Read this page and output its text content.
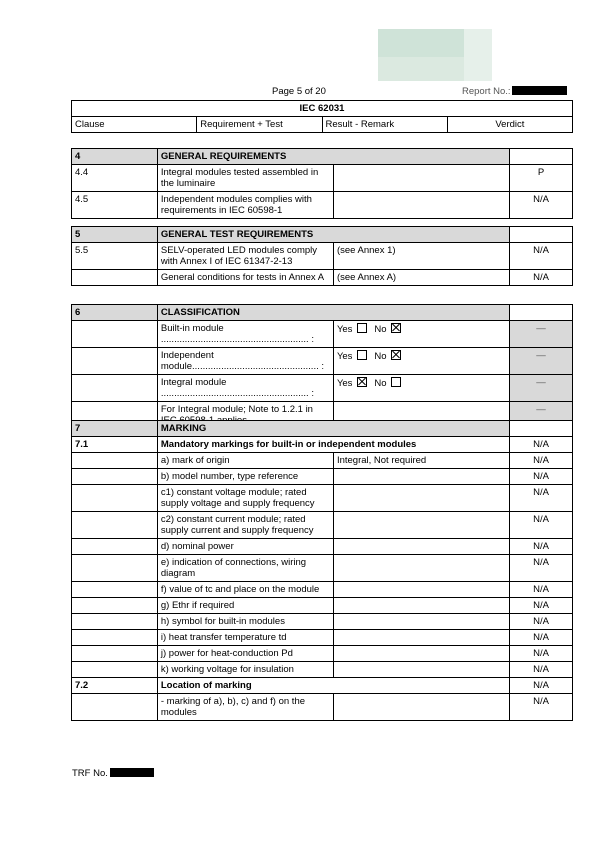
Page 5 of 20	Report No.:
IEC 62031
Clause	Requirement + Test	Result - Remark	Verdict
4	GENERAL REQUIREMENTS		
4.4	Integral modules tested assembled in the luminaire		P
4.5	Independent modules complies with requirements in IEC 60598-1		N/A
5	GENERAL TEST REQUIREMENTS		
5.5	SELV-operated LED modules comply with Annex I of IEC 61347-2-13	(see Annex 1)	N/A
	General conditions for tests in Annex A	(see Annex A)	N/A
6	CLASSIFICATION		
	Built-in module ........................................................ :	Yes No	—
	Independent module................................................ :	Yes No	—
	Integral module ........................................................ :	Yes No	—
	For Integral module; Note to 1.2.1 in		—
7	MARKING		
7.1	Mandatory markings for built-in or independent modules		N/A
	a) mark of origin	Integral, Not required	N/A
	b) model number, type reference		N/A
	c1) constant voltage module; rated supply voltage and supply frequency		N/A
	c2) constant current module; rated supply current and supply frequency		N/A
	d) nominal power		N/A
	e) indication of connections, wiring diagram		N/A
	f) value of tc and place on the module		N/A
	g) Ethr if required		N/A
	h) symbol for built-in modules		N/A
	i) heat transfer temperature td		N/A
	j) power for heat-conduction Pd		N/A
	k) working voltage for insulation		N/A
7.2	Location of marking		N/A
	- marking of a), b), c) and f) on the modules		N/A
TRF No.
